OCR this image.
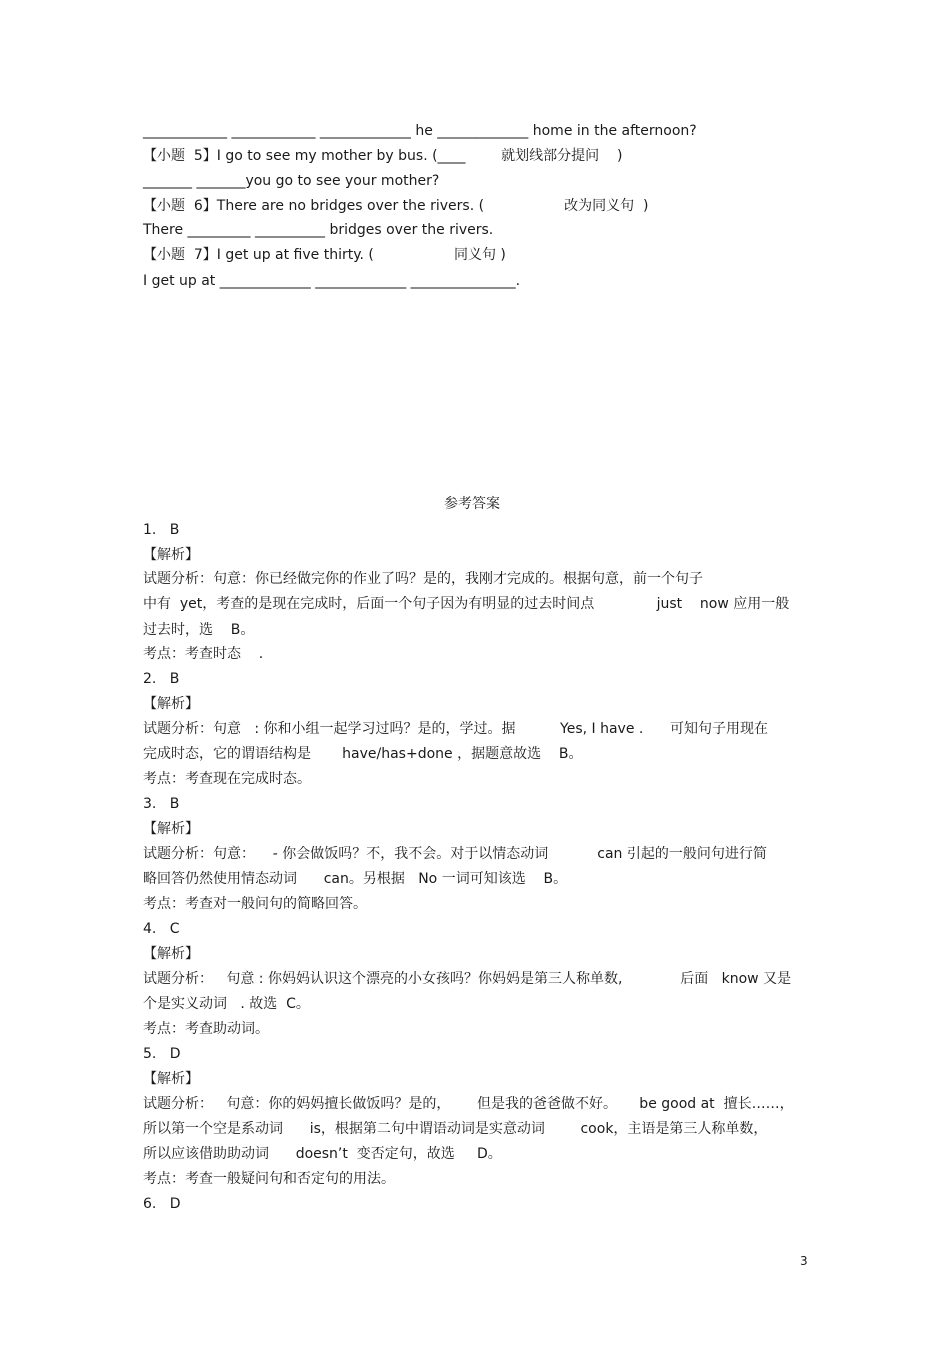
____________ ____________ _____________ he _____________ home in the afternoon?
【小题  5】I go to see my mother by bus. (____        就划线部分提问    )
_______ _______you go to see your mother?
【小题  6】There are no bridges over the rivers. (                  改为同义句  )
There _________ __________ bridges over the rivers.
【小题  7】I get up at five thirty. (                  同义句 )
I get up at _____________ _____________ _______________.
参考答案
1.   B
【解析】
试题分析：句意：你已经做完你的作业了吗？是的，我刚才完成的。根据句意，前一个句子
中有  yet，考查的是现在完成时，后面一个句子因为有明显的过去时间点              just    now 应用一般
过去时，选    B。
考点：考查时态    .
2.   B
【解析】
试题分析：句意   : 你和小组一起学习过吗？是的，学过。据          Yes, I have .      可知句子用现在
完成时态，它的谓语结构是       have/has+done ，据题意故选    B。
考点：考查现在完成时态。
3.   B
【解析】
试题分析：句意：    - 你会做饭吗？不，我不会。对于以情态动词           can 引起的一般问句进行简
略回答仍然使用情态动词      can。另根据   No 一词可知该选    B。
考点：考查对一般问句的简略回答。
4.   C
【解析】
试题分析：   句意 : 你妈妈认识这个漂亮的小女孩吗？你妈妈是第三人称单数,             后面   know 又是
个是实义动词   . 故选  C。
考点：考查助动词。
5.   D
【解析】
试题分析：   句意：你的妈妈擅长做饭吗？是的，      但是我的爸爸做不好。     be good at  擅长……，
所以第一个空是系动词      is，根据第二句中谓语动词是实意动词        cook，主语是第三人称单数，
所以应该借助助动词      doesn’t  变否定句，故选     D。
考点：考查一般疑问句和否定句的用法。
6.   D
3
